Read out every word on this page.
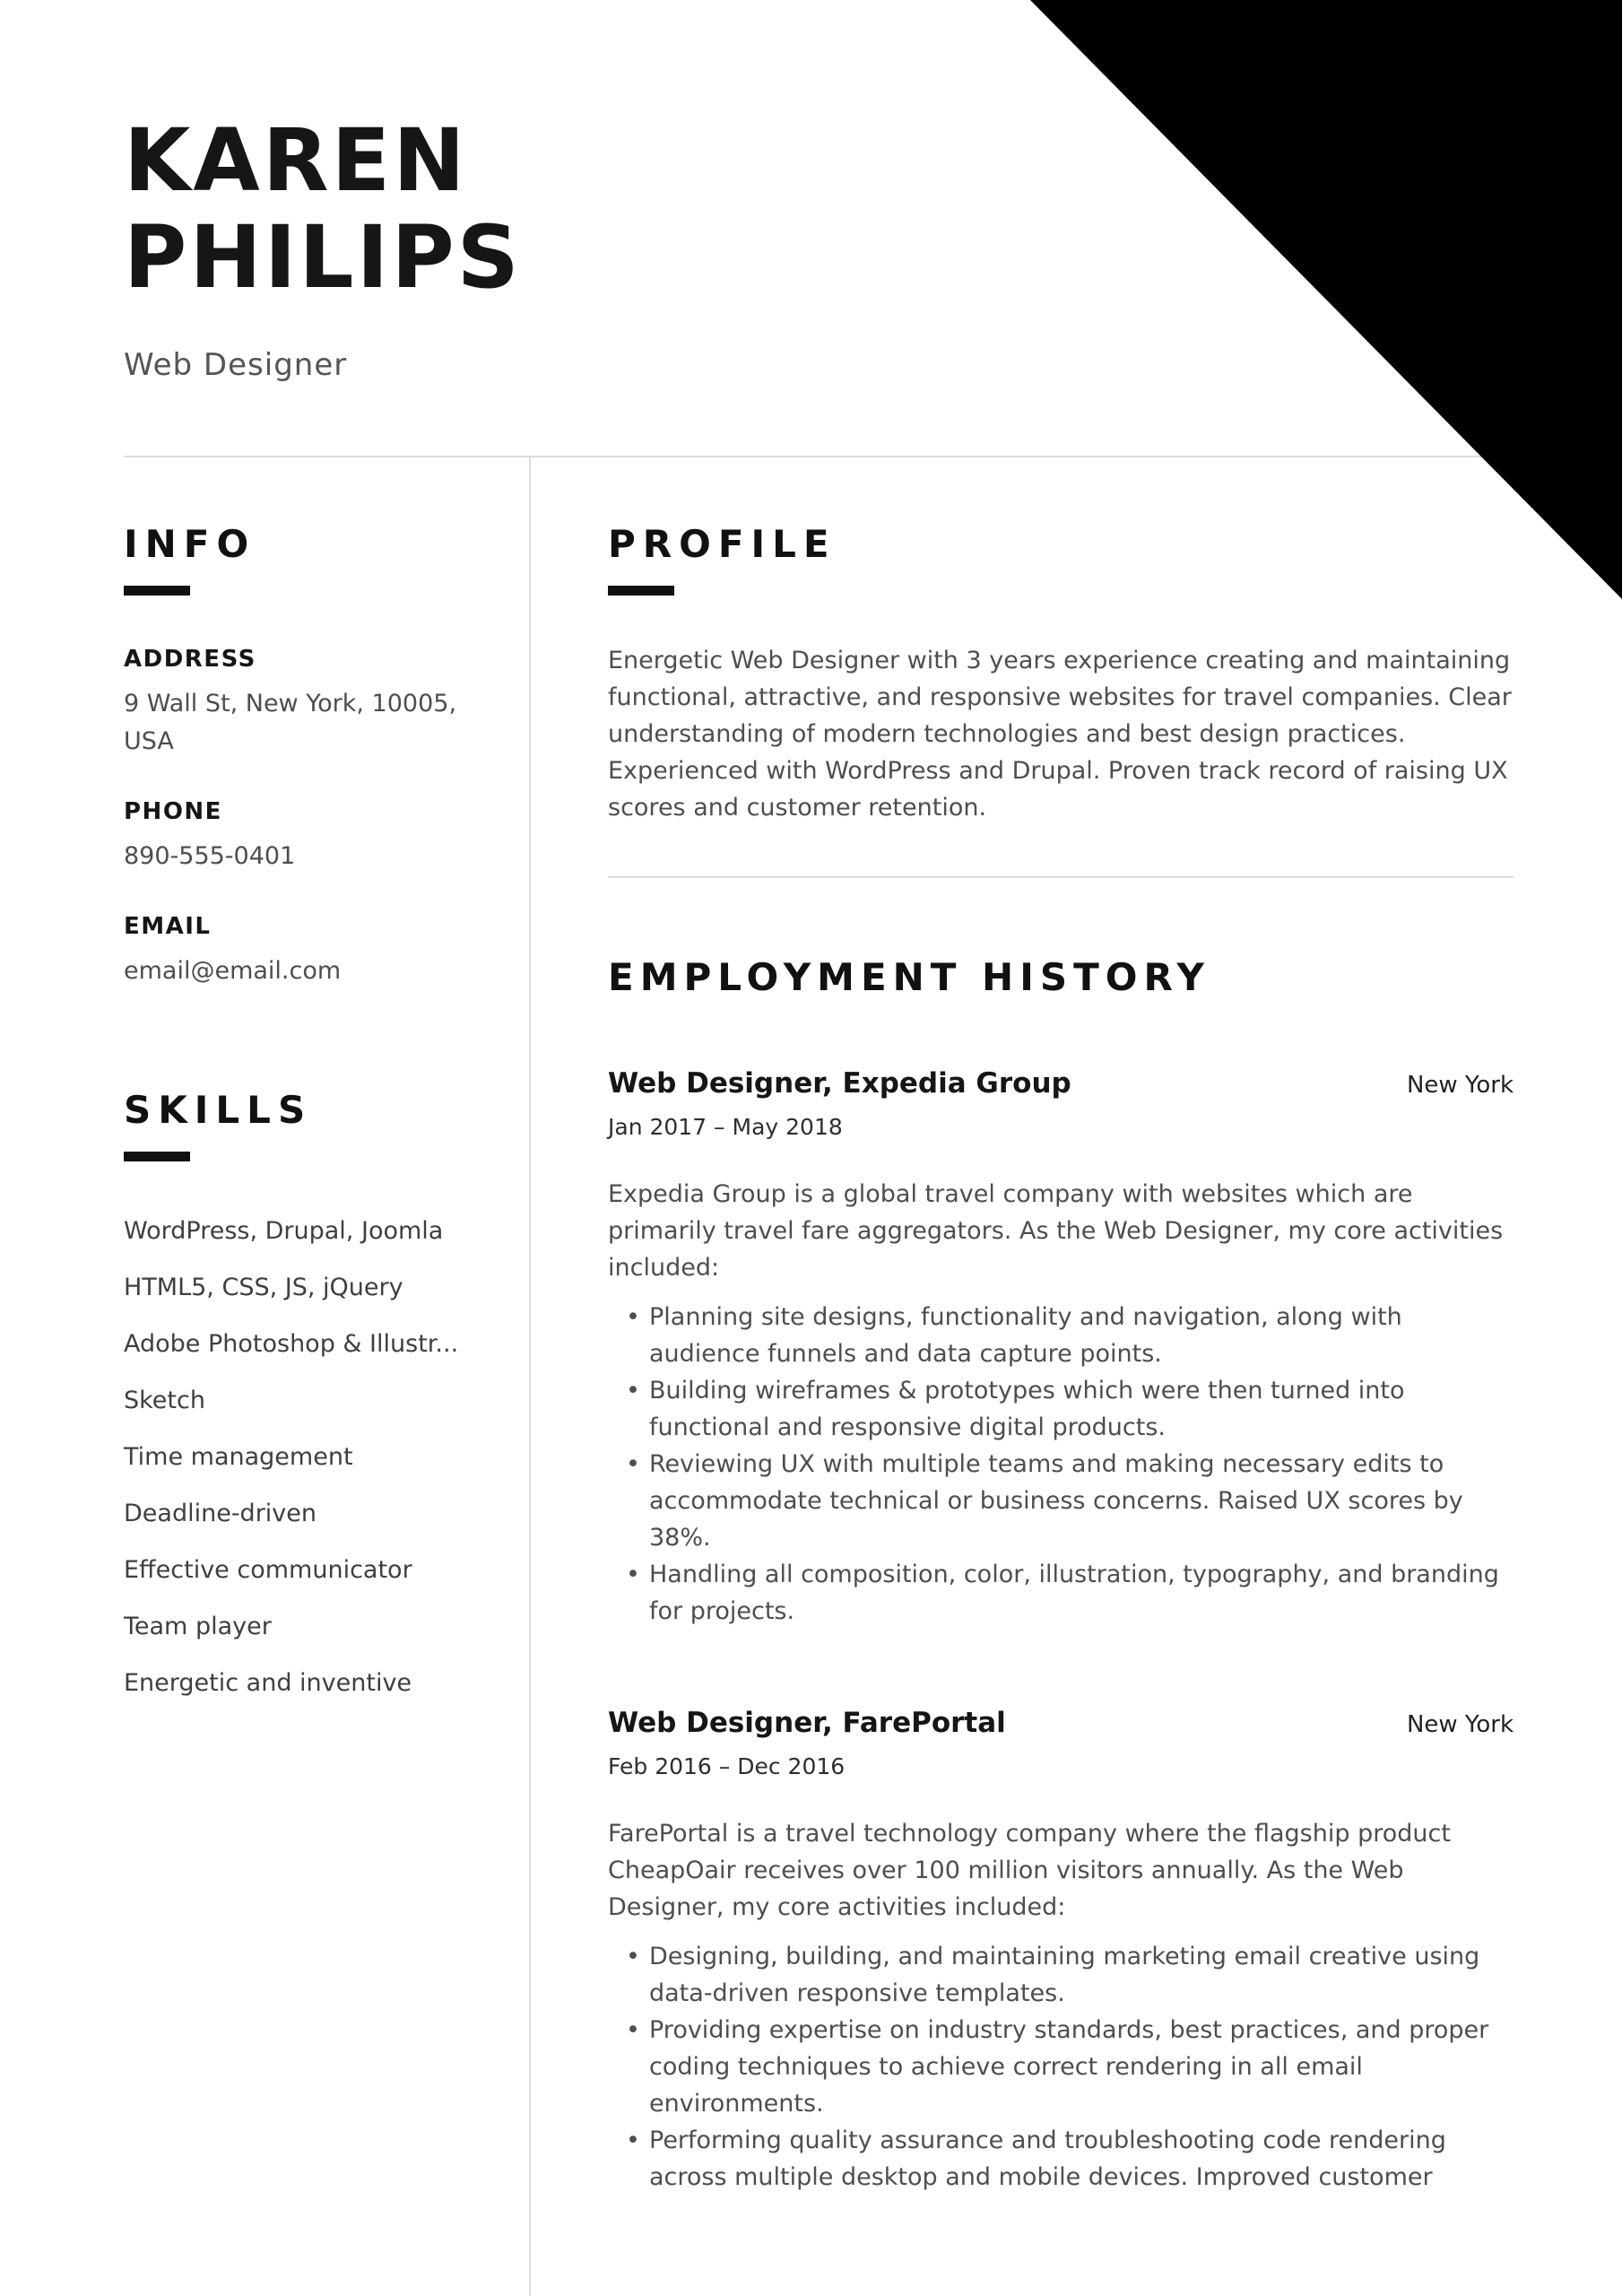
KAREN
PHILIPS
Web Designer
INFO
ADDRESS
9 Wall St, New York, 10005, USA
PHONE
890-555-0401
EMAIL
email@email.com
SKILLS
WordPress, Drupal, Joomla
HTML5, CSS, JS, jQuery
Adobe Photoshop & Illustr...
Sketch
Time management
Deadline-driven
Effective communicator
Team player
Energetic and inventive
PROFILE

Energetic Web Designer with 3 years experience creating and maintaining functional, attractive, and responsive websites for travel companies. Clear understanding of modern technologies and best design practices. Experienced with WordPress and Drupal. Proven track record of raising UX scores and customer retention.

EMPLOYMENT HISTORY
Web Designer, Expedia Group	New York
Jan 2017 – May 2018

Expedia Group is a global travel company with websites which are primarily travel fare aggregators. As the Web Designer, my core activities included:

• Planning site designs, functionality and navigation, along with audience funnels and data capture points.
• Building wireframes & prototypes which were then turned into functional and responsive digital products.
• Reviewing UX with multiple teams and making necessary edits to accommodate technical or business concerns. Raised UX scores by 38%.
• Handling all composition, color, illustration, typography, and branding for projects.
Web Designer, FarePortal	New York
Feb 2016 – Dec 2016

FarePortal is a travel technology company where the flagship product CheapOair receives over 100 million visitors annually. As the Web Designer, my core activities included:

• Designing, building, and maintaining marketing email creative using data-driven responsive templates.
• Providing expertise on industry standards, best practices, and proper coding techniques to achieve correct rendering in all email environments.
• Performing quality assurance and troubleshooting code rendering across multiple desktop and mobile devices. Improved customer
